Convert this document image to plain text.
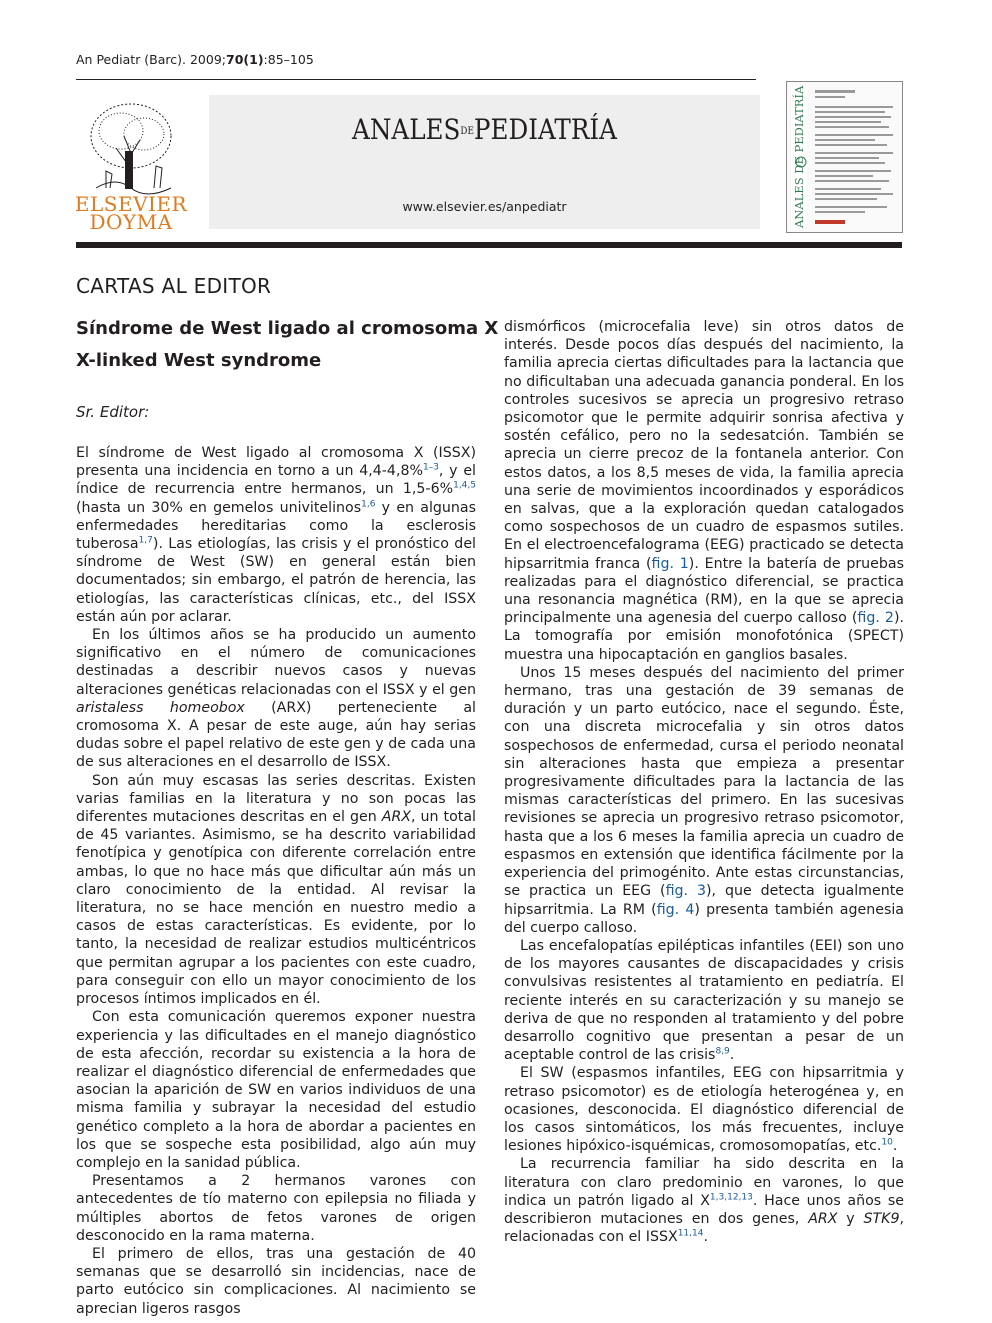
An Pediatr (Barc). 2009;70(1):85–105
ELSEVIER
DOYMA
ANALESDEPEDIATRÍA
www.elsevier.es/anpediatr	ANALES DE PEDIATRÍA
CARTAS AL EDITOR
Síndrome de West ligado al cromosoma X
X-linked West syndrome
Sr. Editor:

El síndrome de West ligado al cromosoma X (ISSX) presenta una incidencia en torno a un 4,4-4,8%$^{1-3}$, y el índice de recurrencia entre hermanos, un 1,5-6%$^{1,4,5}$ (hasta un 30% en gemelos univitelinos$^{1,6}$ y en algunas enfermedades hereditarias como la esclerosis tuberosa$^{1,7}$). Las etiologías, las crisis y el pronóstico del síndrome de West (SW) en general están bien documentados; sin embargo, el patrón de herencia, las etiologías, las características clínicas, etc., del ISSX están aún por aclarar.

En los últimos años se ha producido un aumento significativo en el número de comunicaciones destinadas a describir nuevos casos y nuevas alteraciones genéticas relacionadas con el ISSX y el gen aristaless homeobox (ARX) perteneciente al cromosoma X. A pesar de este auge, aún hay serias dudas sobre el papel relativo de este gen y de cada una de sus alteraciones en el desarrollo de ISSX.

Son aún muy escasas las series descritas. Existen varias familias en la literatura y no son pocas las diferentes mutaciones descritas en el gen ARX, un total de 45 variantes. Asimismo, se ha descrito variabilidad fenotípica y genotípica con diferente correlación entre ambas, lo que no hace más que dificultar aún más un claro conocimiento de la entidad. Al revisar la literatura, no se hace mención en nuestro medio a casos de estas características. Es evidente, por lo tanto, la necesidad de realizar estudios multicéntricos que permitan agrupar a los pacientes con este cuadro, para conseguir con ello un mayor conocimiento de los procesos íntimos implicados en él.

Con esta comunicación queremos exponer nuestra experiencia y las dificultades en el manejo diagnóstico de esta afección, recordar su existencia a la hora de realizar el diagnóstico diferencial de enfermedades que asocian la aparición de SW en varios individuos de una misma familia y subrayar la necesidad del estudio genético completo a la hora de abordar a pacientes en los que se sospeche esta posibilidad, algo aún muy complejo en la sanidad pública.

Presentamos a 2 hermanos varones con antecedentes de tío materno con epilepsia no filiada y múltiples abortos de fetos varones de origen desconocido en la rama materna.

El primero de ellos, tras una gestación de 40 semanas que se desarrolló sin incidencias, nace de parto eutócico sin complicaciones. Al nacimiento se aprecian ligeros rasgos

dismórficos (microcefalia leve) sin otros datos de interés. Desde pocos días después del nacimiento, la familia aprecia ciertas dificultades para la lactancia que no dificultaban una adecuada ganancia ponderal. En los controles sucesivos se aprecia un progresivo retraso psicomotor que le permite adquirir sonrisa afectiva y sostén cefálico, pero no la sedesatción. También se aprecia un cierre precoz de la fontanela anterior. Con estos datos, a los 8,5 meses de vida, la familia aprecia una serie de movimientos incoordinados y esporádicos en salvas, que a la exploración quedan catalogados como sospechosos de un cuadro de espasmos sutiles. En el electroencefalograma (EEG) practicado se detecta hipsarritmia franca (fig. 1). Entre la batería de pruebas realizadas para el diagnóstico diferencial, se practica una resonancia magnética (RM), en la que se aprecia principalmente una agenesia del cuerpo calloso (fig. 2). La tomografía por emisión monofotónica (SPECT) muestra una hipocaptación en ganglios basales.

Unos 15 meses después del nacimiento del primer hermano, tras una gestación de 39 semanas de duración y un parto eutócico, nace el segundo. Éste, con una discreta microcefalia y sin otros datos sospechosos de enfermedad, cursa el periodo neonatal sin alteraciones hasta que empieza a presentar progresivamente dificultades para la lactancia de las mismas características del primero. En las sucesivas revisiones se aprecia un progresivo retraso psicomotor, hasta que a los 6 meses la familia aprecia un cuadro de espasmos en extensión que identifica fácilmente por la experiencia del primogénito. Ante estas circunstancias, se practica un EEG (fig. 3), que detecta igualmente hipsarritmia. La RM (fig. 4) presenta también agenesia del cuerpo calloso.

Las encefalopatías epilépticas infantiles (EEI) son uno de los mayores causantes de discapacidades y crisis convulsivas resistentes al tratamiento en pediatría. El reciente interés en su caracterización y su manejo se deriva de que no responden al tratamiento y del pobre desarrollo cognitivo que presentan a pesar de un aceptable control de las crisis$^{8,9}$.

El SW (espasmos infantiles, EEG con hipsarritmia y retraso psicomotor) es de etiología heterogénea y, en ocasiones, desconocida. El diagnóstico diferencial de los casos sintomáticos, los más frecuentes, incluye lesiones hipóxico-isquémicas, cromosomopatías, etc.$^{10}$.

La recurrencia familiar ha sido descrita en la literatura con claro predominio en varones, lo que indica un patrón ligado al X$^{1,3,12,13}$. Hace unos años se describieron mutaciones en dos genes, ARX y STK9, relacionadas con el ISSX$^{11,14}$.
